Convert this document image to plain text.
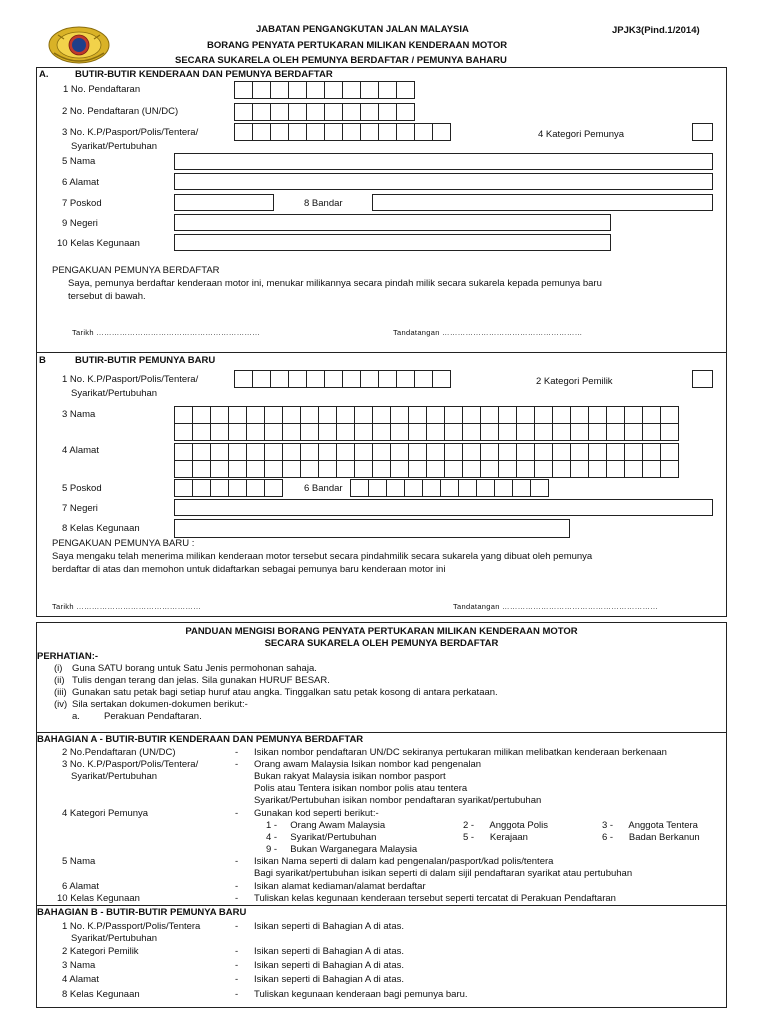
JABATAN PENGANGKUTAN JALAN MALAYSIA	JPJK3(Pind.1/2014)
BORANG PENYATA PERTUKARAN MILIKAN KENDERAAN MOTOR
SECARA SUKARELA OLEH PEMUNYA BERDAFTAR / PEMUNYA BAHARU
A.	BUTIR-BUTIR KENDERAAN DAN PEMUNYA BERDAFTAR
1 No. Pendaftaran
2 No. Pendaftaran (UN/DC)
3 No. K.P/Pasport/Polis/Tentera/
Syarikat/Pertubuhan
4 Kategori Pemunya
5 Nama
6 Alamat
7 Poskod	8 Bandar
9 Negeri
10 Kelas Kegunaan
PENGAKUAN PEMUNYA BERDAFTAR
Saya, pemunya berdaftar kenderaan motor ini, menukar milikannya secara pindah milik secara sukarela kepada pemunya baru
tersebut di bawah.
Tarikh ………………………………………………………	Tandatangan ………………………………………………
B	BUTIR-BUTIR PEMUNYA BARU
1 No. K.P/Pasport/Polis/Tentera/
Syarikat/Pertubuhan
2 Kategori Pemilik
3 Nama
4 Alamat
5 Poskod	6 Bandar
7 Negeri
8 Kelas Kegunaan
PENGAKUAN PEMUNYA BARU :
Saya mengaku telah menerima milikan kenderaan motor tersebut secara pindahmilik secara sukarela yang dibuat oleh pemunya
berdaftar di atas dan memohon untuk didaftarkan sebagai pemunya baru kenderaan motor ini
Tarikh …………………………………………	Tandatangan ……………………………………………………
PANDUAN MENGISI BORANG PENYATA PERTUKARAN MILIKAN KENDERAAN MOTOR
SECARA SUKARELA OLEH PEMUNYA BERDAFTAR
PERHATIAN:-
(i) Guna SATU borang untuk Satu Jenis permohonan sahaja.
(ii) Tulis dengan terang dan jelas. Sila gunakan HURUF BESAR.
(iii) Gunakan satu petak bagi setiap huruf atau angka. Tinggalkan satu petak kosong di antara perkataan.
(iv) Sila sertakan dokumen-dokumen berikut:-
a.	Perakuan Pendaftaran.
BAHAGIAN A - BUTIR-BUTIR KENDERAAN DAN PEMUNYA BERDAFTAR
2 No.Pendaftaran (UN/DC)	- Isikan nombor pendaftaran UN/DC sekiranya pertukaran milikan melibatkan kenderaan berkenaan
3 No. K.P/Pasport/Polis/Tentera/
Syarikat/Pertubuhan
- Orang awam Malaysia Isikan nombor kad pengenalan
Bukan rakyat Malaysia isikan nombor pasport
Polis atau Tentera isikan nombor polis atau tentera
Syarikat/Pertubuhan isikan nombor pendaftaran syarikat/pertubuhan
4 Kategori Pemunya	- Gunakan kod seperti berikut:-
1 -     Orang Awam Malaysia	2 -      Anggota Polis	3 -      Anggota Tentera
4 -     Syarikat/Pertubuhan	5 -      Kerajaan	6 -      Badan Berkanun
9 -     Bukan Warganegara Malaysia
5 Nama	- Isikan Nama seperti di dalam kad pengenalan/pasport/kad polis/tentera
Bagi syarikat/pertubuhan isikan seperti di dalam sijil pendaftaran syarikat atau pertubuhan
6 Alamat	- Isikan alamat kediaman/alamat berdaftar
10 Kelas Kegunaan	- Tuliskan kelas kegunaan kenderaan tersebut seperti tercatat di Perakuan Pendaftaran
BAHAGIAN B - BUTIR-BUTIR PEMUNYA BARU
1 No. K.P/Passport/Polis/Tentera
Syarikat/Pertubuhan
- Isikan seperti di Bahagian A di atas.
2 Kategori Pemilik	- Isikan seperti di Bahagian A di atas.
3 Nama	- Isikan seperti di Bahagian A di atas.
4 Alamat	- Isikan seperti di Bahagian A di atas.
8 Kelas Kegunaan	- Tuliskan kegunaan kenderaan bagi pemunya baru.
